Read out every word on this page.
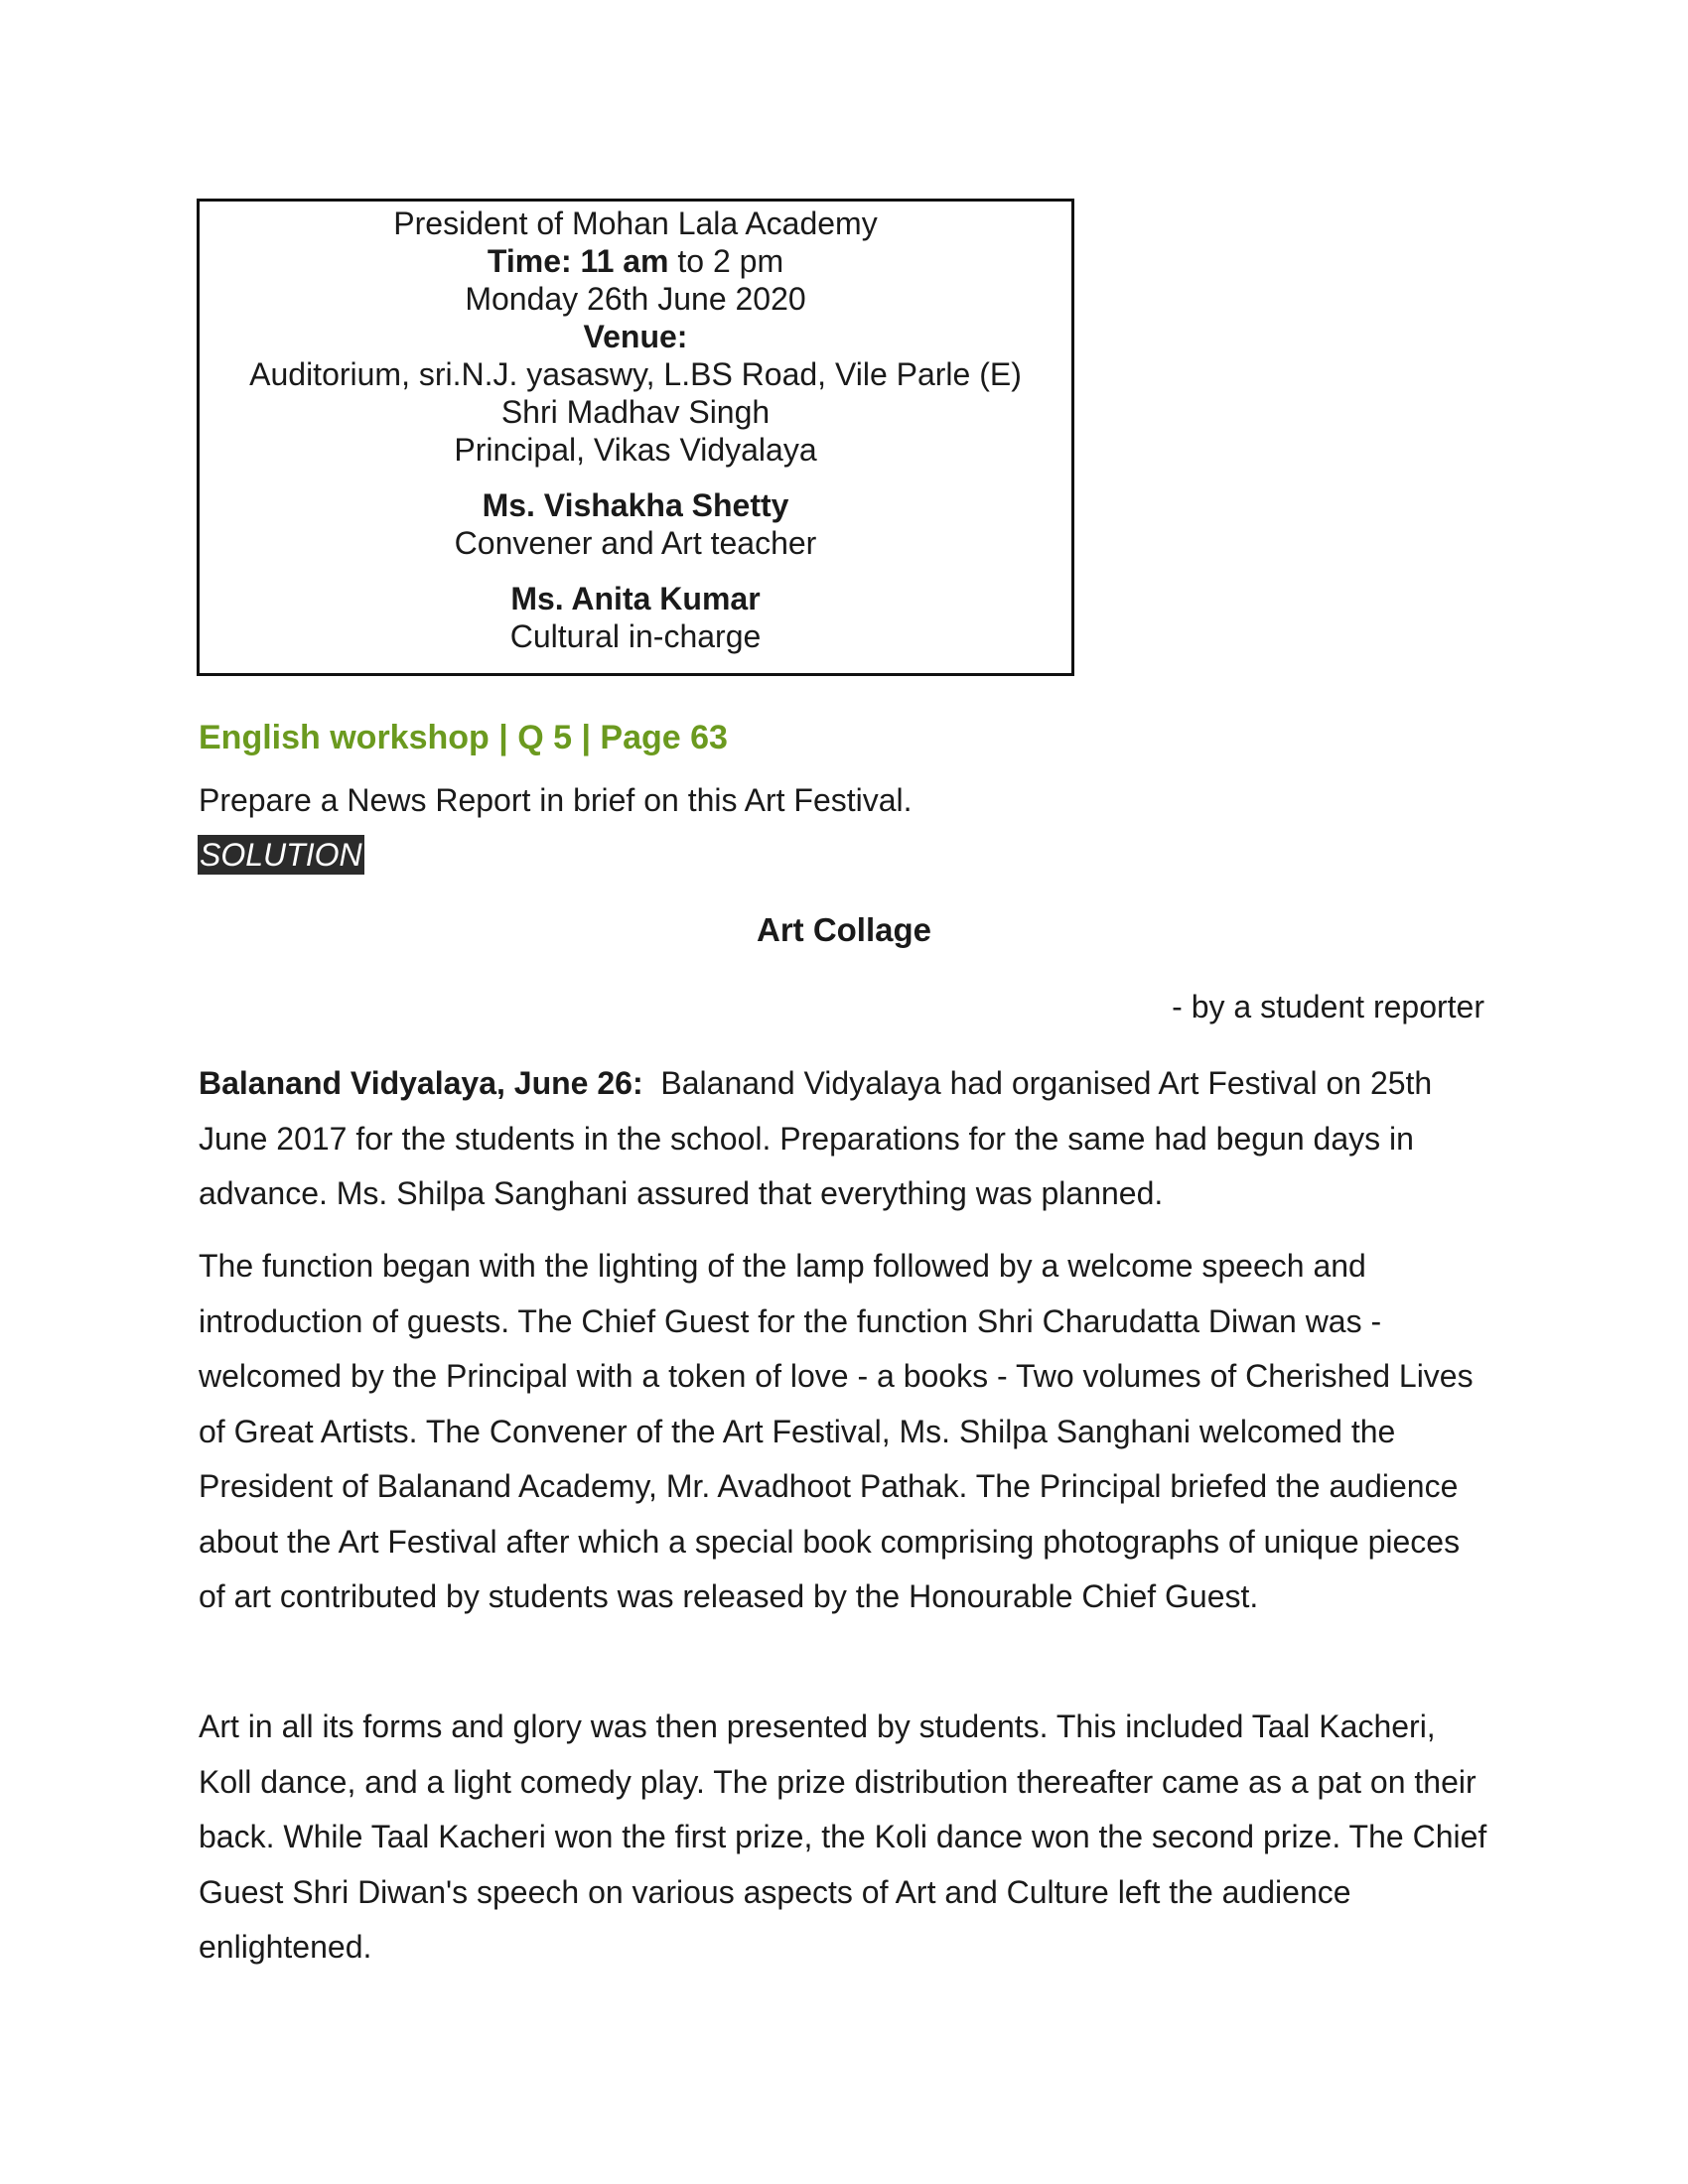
President of Mohan Lala Academy
Time: 11 am to 2 pm
Monday 26th June 2020
Venue:
Auditorium, sri.N.J. yasaswy, L.BS Road, Vile Parle (E)
Shri Madhav Singh
Principal, Vikas Vidyalaya
Ms. Vishakha Shetty
Convener and Art teacher
Ms. Anita Kumar
Cultural in-charge
English workshop | Q 5 | Page 63
Prepare a News Report in brief on this Art Festival.
SOLUTION
Art Collage
- by a student reporter

Balanand Vidyalaya, June 26: Balanand Vidyalaya had organised Art Festival on 25th June 2017 for the students in the school. Preparations for the same had begun days in advance. Ms. Shilpa Sanghani assured that everything was planned.

The function began with the lighting of the lamp followed by a welcome speech and introduction of guests. The Chief Guest for the function Shri Charudatta Diwan was - welcomed by the Principal with a token of love - a books - Two volumes of Cherished Lives of Great Artists. The Convener of the Art Festival, Ms. Shilpa Sanghani welcomed the President of Balanand Academy, Mr. Avadhoot Pathak. The Principal briefed the audience about the Art Festival after which a special book comprising photographs of unique pieces of art contributed by students was released by the Honourable Chief Guest.

Art in all its forms and glory was then presented by students. This included Taal Kacheri, Koll dance, and a light comedy play. The prize distribution thereafter came as a pat on their back. While Taal Kacheri won the first prize, the Koli dance won the second prize. The Chief Guest Shri Diwan's speech on various aspects of Art and Culture left the audience enlightened.
